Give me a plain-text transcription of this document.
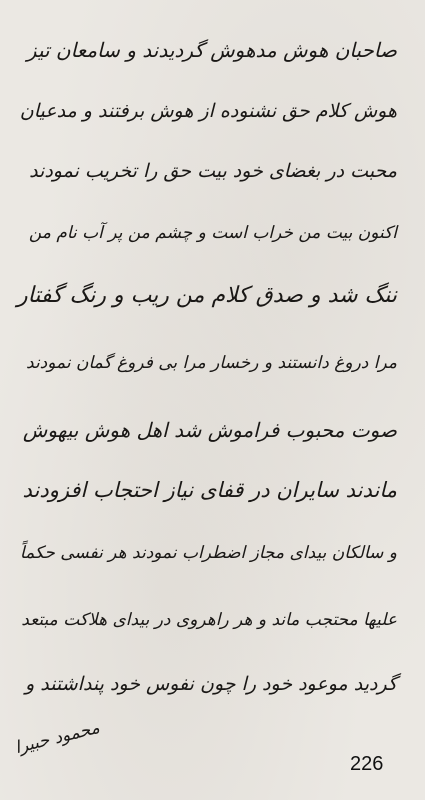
صاحبان هوش مدهوش گردیدند و سامعان تیز
هوش کلام حق نشنوده از هوش برفتند و مدعیان
محبت در بغضای خود بیت حق را تخریب نمودند
اکنون بیت من خراب است و چشم من پر آب نام من
ننگ شد و صدق کلام من ریب و رنگ گفتار
مرا دروغ دانستند و رخسار مرا بی فروغ گمان نمودند
صوت محبوب فراموش شد اهل هوش بیهوش
ماندند سایران در قفای نیاز احتجاب افزودند
و سالکان بیدای مجاز اضطراب نمودند هر نفسی حکماً
علیها محتجب ماند و هر راهروی در بیدای هلاکت مبتعد
گردید موعود خود را چون نفوس خود پنداشتند و
محمود حبیرا
226
